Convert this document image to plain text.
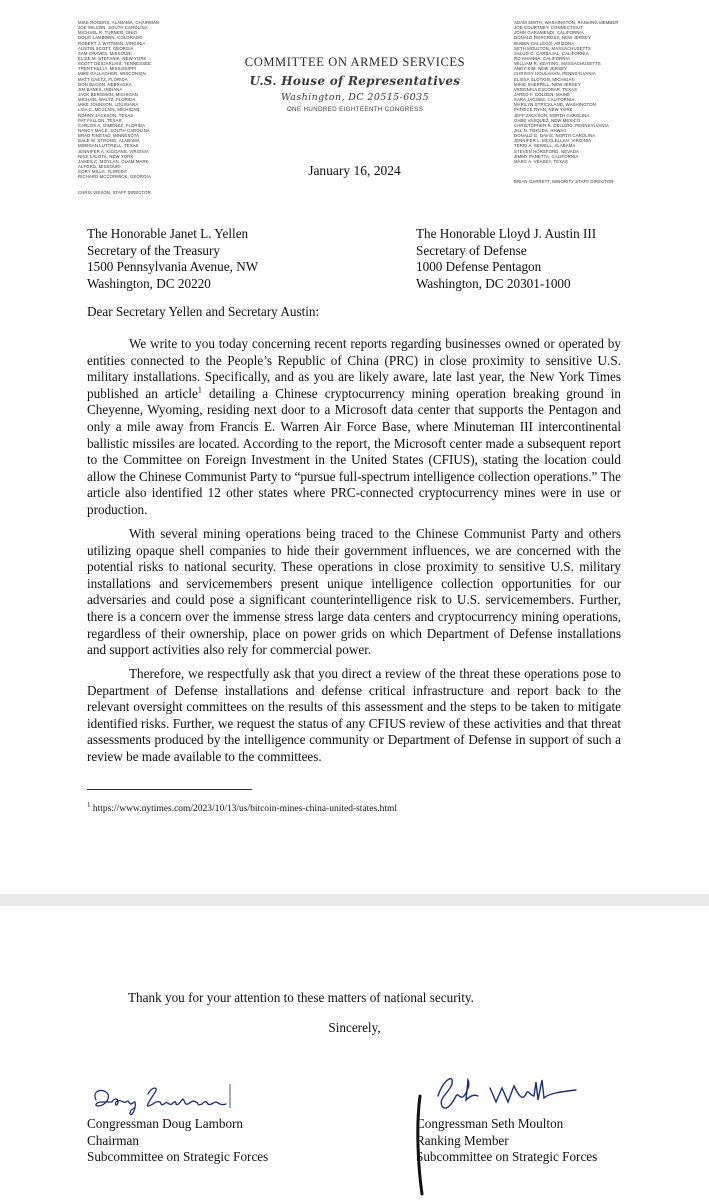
MIKE ROGERS, ALABAMA, CHAIRMAN
JOE WILSON, SOUTH CAROLINA
MICHAEL R. TURNER, OHIO
DOUG LAMBORN, COLORADO
ROBERT J. WITTMAN, VIRGINIA
AUSTIN SCOTT, GEORGIA
SAM GRAVES, MISSOURI
ELISE M. STEFANIK, NEW YORK
SCOTT DESJARLAIS, TENNESSEE
TRENT KELLY, MISSISSIPPI
MIKE GALLAGHER, WISCONSIN
MATT GAETZ, FLORIDA
DON BACON, NEBRASKA
JIM BANKS, INDIANA
JACK BERGMAN, MICHIGAN
MICHAEL WALTZ, FLORIDA
MIKE JOHNSON, LOUISIANA
LISA C. MCCLAIN, MICHIGAN
RONNY JACKSON, TEXAS
PAT FALLON, TEXAS
CARLOS A. GIMENEZ, FLORIDA
NANCY MACE, SOUTH CAROLINA
BRAD FINSTAD, MINNESOTA
DALE W. STRONG, ALABAMA
MORGAN LUTTRELL, TEXAS
JENNIFER A. KIGGANS, VIRGINIA
NICK LALOTA, NEW YORK
JAMES C. MOYLAN, GUAM MARK
ALFORD, MISSOURI
CORY MILLS, FLORIDA
RICHARD MCCORMICK, GEORGIA
CHRIS VIESON, STAFF DIRECTOR
COMMITTEE ON ARMED SERVICES
U.S. House of Representatives
Washington, DC 20515-6035
ONE HUNDRED EIGHTEENTH CONGRESS
ADAM SMITH, WASHINGTON, RANKING MEMBER
JOE COURTNEY, CONNECTICUT
JOHN GARAMENDI, CALIFORNIA
DONALD NORCROSS, NEW JERSEY
RUBEN GALLEGO, ARIZONA
SETH MOULTON, MASSACHUSETTS
SALUD O. CARBAJAL, CALIFORNIA
RO KHANNA, CALIFORNIA
WILLIAM R. KEATING, MASSACHUSETTS
ANDY KIM, NEW JERSEY
CHRISSY HOULAHAN, PENNSYLVANIA
ELISSA SLOTKIN, MICHIGAN
MIKIE SHERRILL, NEW JERSEY
VERONICA ESCOBAR, TEXAS
JARED F. GOLDEN, MAINE
SARA JACOBS, CALIFORNIA
MARILYN STRICKLAND, WASHINGTON
PATRICK RYAN, NEW YORK
JEFF JACKSON, NORTH CAROLINA
GABE VASQUEZ, NEW MEXICO
CHRISTOPHER R. DELUZIO, PENNSYLVANIA
JILL N. TOKUDA, HAWAII
DONALD G. DAVIS, NORTH CAROLINA
JENNIFER L. MCCLELLAN, VIRGINIA
TERRI A. SEWELL, ALABAMA
STEVEN HORSFORD, NEVADA
JIMMY PANETTA, CALIFORNIA
MARC A. VEASEY, TEXAS
BRIAN GARRETT, MINORITY STAFF DIRECTOR
January 16, 2024
The Honorable Janet L. Yellen
Secretary of the Treasury
1500 Pennsylvania Avenue, NW
Washington, DC 20220
The Honorable Lloyd J. Austin III
Secretary of Defense
1000 Defense Pentagon
Washington, DC 20301-1000
Dear Secretary Yellen and Secretary Austin:

We write to you today concerning recent reports regarding businesses owned or operated by entities connected to the People’s Republic of China (PRC) in close proximity to sensitive U.S. military installations. Specifically, and as you are likely aware, late last year, the New York Times published an article$^1$ detailing a Chinese cryptocurrency mining operation breaking ground in Cheyenne, Wyoming, residing next door to a Microsoft data center that supports the Pentagon and only a mile away from Francis E. Warren Air Force Base, where Minuteman III intercontinental ballistic missiles are located. According to the report, the Microsoft center made a subsequent report to the Committee on Foreign Investment in the United States (CFIUS), stating the location could allow the Chinese Communist Party to “pursue full-spectrum intelligence collection operations.” The article also identified 12 other states where PRC-connected cryptocurrency mines were in use or production.

With several mining operations being traced to the Chinese Communist Party and others utilizing opaque shell companies to hide their government influences, we are concerned with the potential risks to national security. These operations in close proximity to sensitive U.S. military installations and servicemembers present unique intelligence collection opportunities for our adversaries and could pose a significant counterintelligence risk to U.S. servicemembers. Further, there is a concern over the immense stress large data centers and cryptocurrency mining operations, regardless of their ownership, place on power grids on which Department of Defense installations and support activities also rely for commercial power.

Therefore, we respectfully ask that you direct a review of the threat these operations pose to Department of Defense installations and defense critical infrastructure and report back to the relevant oversight committees on the results of this assessment and the steps to be taken to mitigate identified risks. Further, we request the status of any CFIUS review of these activities and that threat assessments produced by the intelligence community or Department of Defense in support of such a review be made available to the committees.

$^1$ https://www.nytimes.com/2023/10/13/us/bitcoin-mines-china-united-states.html
Thank you for your attention to these matters of national security.
Sincerely,
Congressman Doug Lamborn
Chairman
Subcommittee on Strategic Forces
Congressman Seth Moulton
Ranking Member
Subcommittee on Strategic Forces
